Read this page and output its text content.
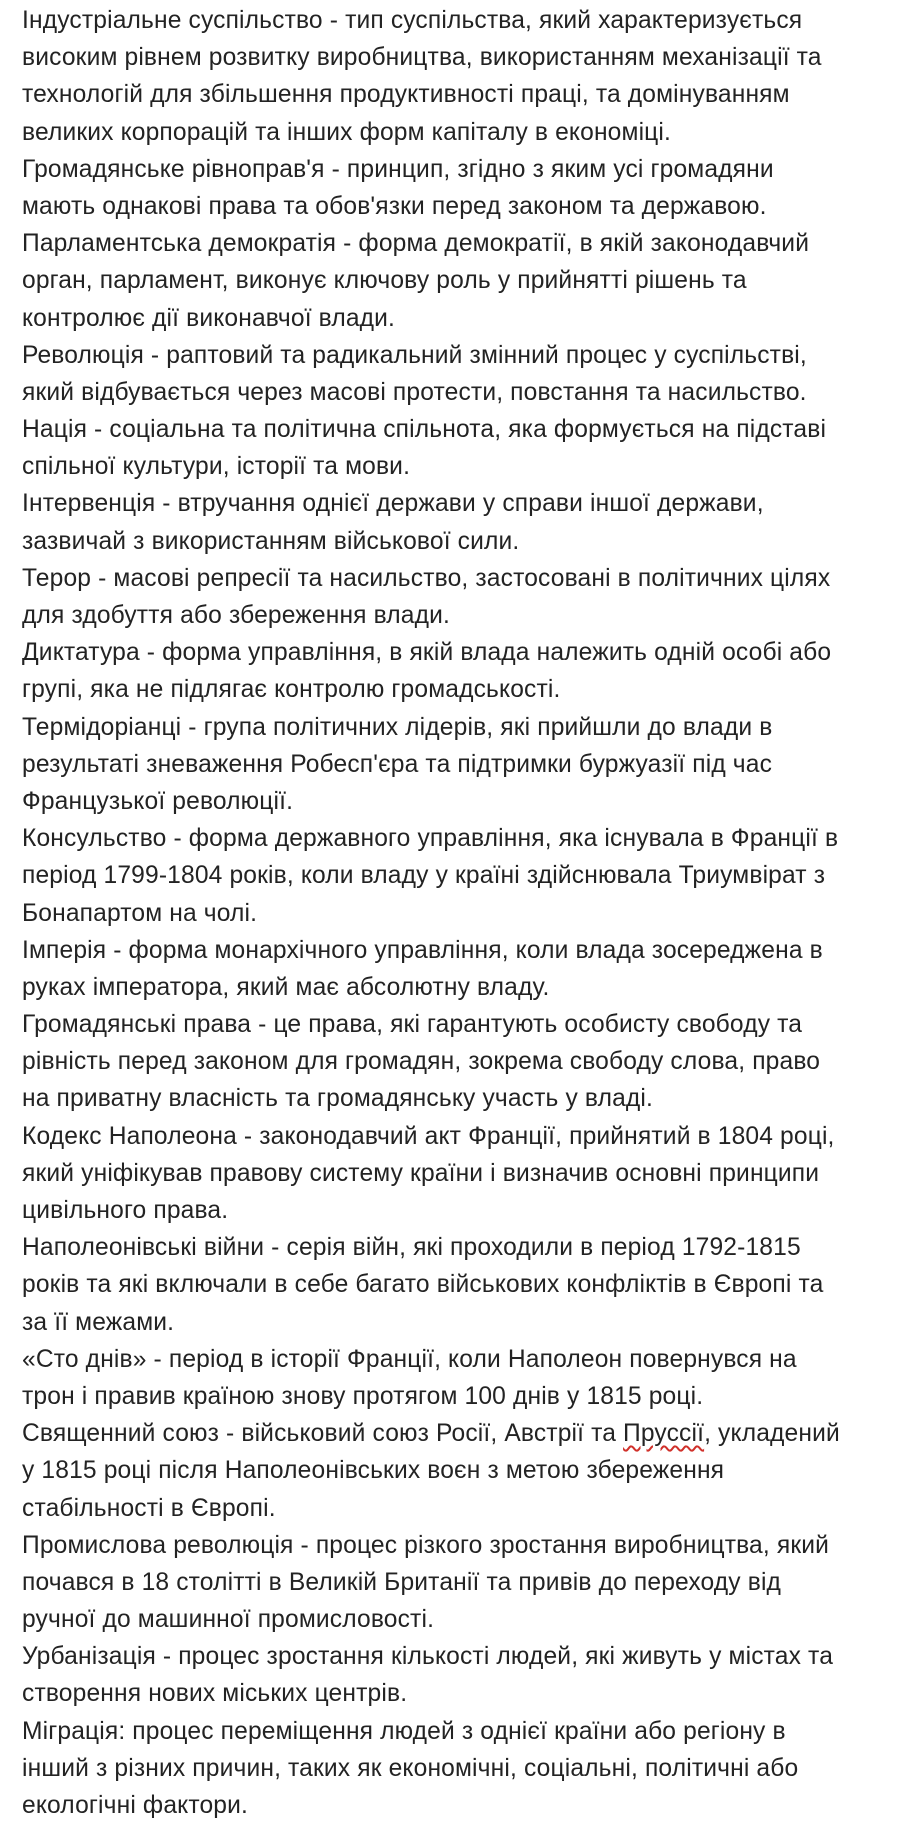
Індустріальне суспільство - тип суспільства, який характеризується
високим рівнем розвитку виробництва, використанням механізації та
технологій для збільшення продуктивності праці, та домінуванням
великих корпорацій та інших форм капіталу в економіці.
Громадянське рівноправ'я - принцип, згідно з яким усі громадяни
мають однакові права та обов'язки перед законом та державою.
Парламентська демократія - форма демократії, в якій законодавчий
орган, парламент, виконує ключову роль у прийнятті рішень та
контролює дії виконавчої влади.
Революція - раптовий та радикальний змінний процес у суспільстві,
який відбувається через масові протести, повстання та насильство.
Нація - соціальна та політична спільнота, яка формується на підставі
спільної культури, історії та мови.
Інтервенція - втручання однієї держави у справи іншої держави,
зазвичай з використанням військової сили.
Терор - масові репресії та насильство, застосовані в політичних цілях
для здобуття або збереження влади.
Диктатура - форма управління, в якій влада належить одній особі або
групі, яка не підлягає контролю громадськості.
Термідоріанці - група політичних лідерів, які прийшли до влади в
результаті зневаження Робесп'єра та підтримки буржуазії під час
Французької революції.
Консульство - форма державного управління, яка існувала в Франції в
період 1799-1804 років, коли владу у країні здійснювала Триумвірат з
Бонапартом на чолі.
Імперія - форма монархічного управління, коли влада зосереджена в
руках імператора, який має абсолютну владу.
Громадянські права - це права, які гарантують особисту свободу та
рівність перед законом для громадян, зокрема свободу слова, право
на приватну власність та громадянську участь у владі.
Кодекс Наполеона - законодавчий акт Франції, прийнятий в 1804 році,
який уніфікував правову систему країни і визначив основні принципи
цивільного права.
Наполеонівські війни - серія війн, які проходили в період 1792-1815
років та які включали в себе багато військових конфліктів в Європі та
за її межами.
«Сто днів» - період в історії Франції, коли Наполеон повернувся на
трон і правив країною знову протягом 100 днів у 1815 році.
Священний союз - військовий союз Росії, Австрії та Пруссії, укладений
у 1815 році після Наполеонівських воєн з метою збереження
стабільності в Європі.
Промислова революція - процес різкого зростання виробництва, який
почався в 18 столітті в Великій Британії та привів до переходу від
ручної до машинної промисловості.
Урбанізація - процес зростання кількості людей, які живуть у містах та
створення нових міських центрів.
Міграція: процес переміщення людей з однієї країни або регіону в
інший з різних причин, таких як економічні, соціальні, політичні або
екологічні фактори.
